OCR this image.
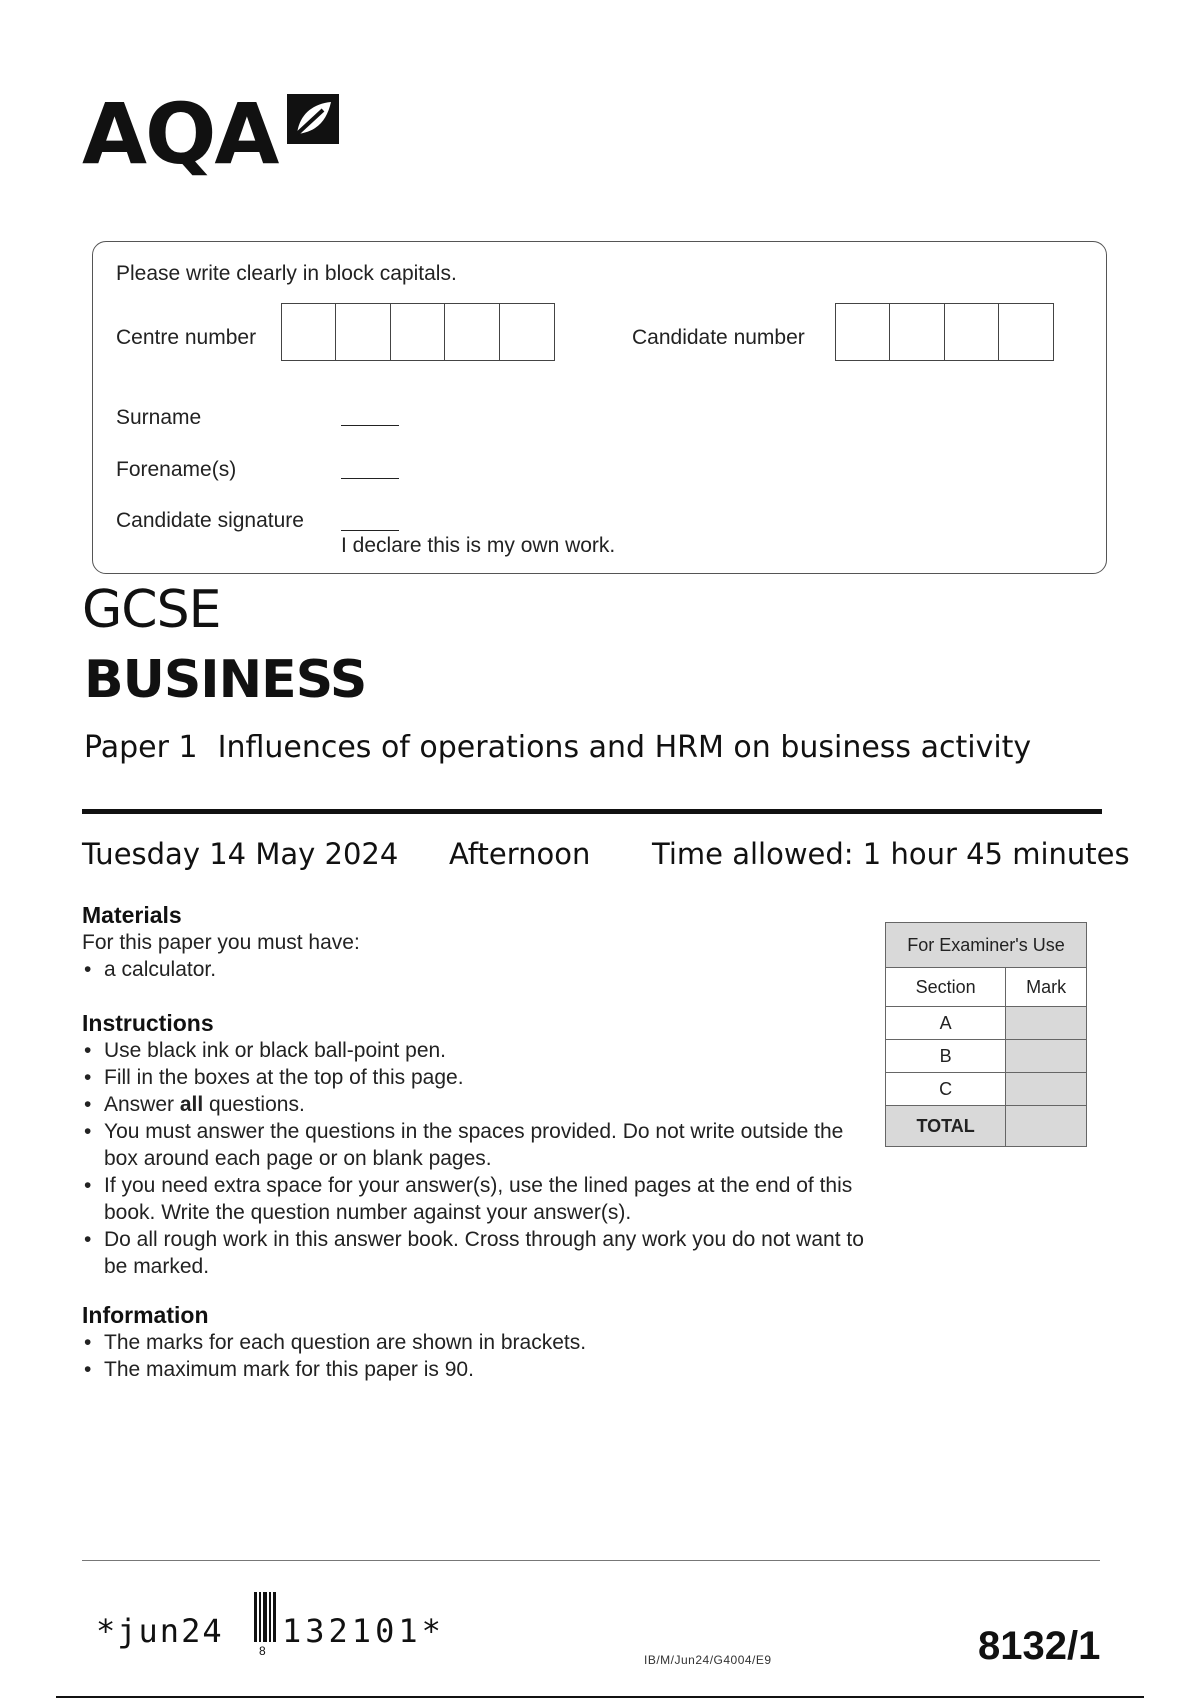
AQA
Please write clearly in block capitals.
Centre number	Candidate number
Surname
Forename(s)
Candidate signature
I declare this is my own work.
GCSE
BUSINESS
Paper 1 Influences of operations and HRM on business activity
Tuesday 14 May 2024 Afternoon Time allowed: 1 hour 45 minutes
Materials
For this paper you must have:
• a calculator.
Instructions
• Use black ink or black ball-point pen.
• Fill in the boxes at the top of this page.
• Answer all questions.
• You must answer the questions in the spaces provided. Do not write outside the box around each page or on blank pages.
• If you need extra space for your answer(s), use the lined pages at the end of this book. Write the question number against your answer(s).
• Do all rough work in this answer book. Cross through any work you do not want to be marked.
Information
• The marks for each question are shown in brackets.
• The maximum mark for this paper is 90.
For Examiner's Use	
Section	Mark
A	
B	
C	
TOTAL	
*jun24
8
132101*
IB/M/Jun24/G4004/E9	8132/1
